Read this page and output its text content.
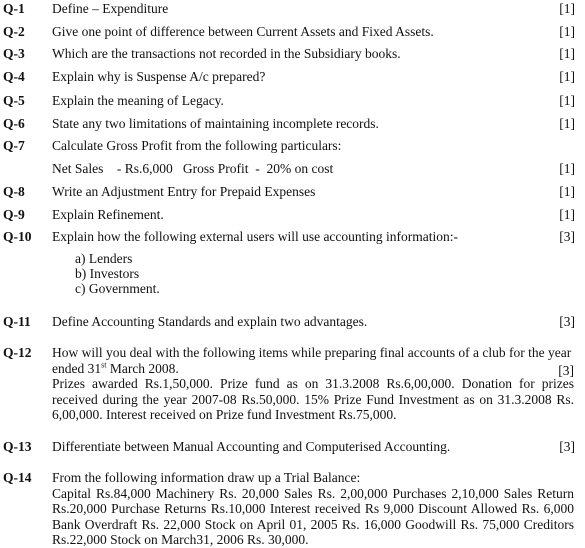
Q-1 Define – Expenditure	[1]
Q-2 Give one point of difference between Current Assets and Fixed Assets.	[1]
Q-3 Which are the transactions not recorded in the Subsidiary books.	[1]
Q-4 Explain why is Suspense A/c prepared?	[1]
Q-5 Explain the meaning of Legacy.	[1]
Q-6 State any two limitations of maintaining incomplete records.	[1]
Q-7 Calculate Gross Profit from the following particulars:
Net Sales    - Rs.6,000   Gross Profit  -  20% on cost	[1]
Q-8 Write an Adjustment Entry for Prepaid Expenses	[1]
Q-9 Explain Refinement.	[1]
Q-10 Explain how the following external users will use accounting information:-	[3]
a) Lenders
b) Investors
c) Government.
Q-11 Define Accounting Standards and explain two advantages.	[3]
Q-12 How will you deal with the following items while preparing final accounts of a club for the year
ended 31st March 2008.	[3]
Prizes awarded Rs.1,50,000. Prize fund as on 31.3.2008 Rs.6,00,000. Donation for prizes received during the year 2007-08 Rs.50,000. 15% Prize Fund Investment as on 31.3.2008 Rs. 6,00,000. Interest received on Prize fund Investment Rs.75,000.
Q-13 Differentiate between Manual Accounting and Computerised Accounting.	[3]
Q-14 From the following information draw up a Trial Balance:
Capital Rs.84,000 Machinery Rs. 20,000 Sales Rs. 2,00,000 Purchases 2,10,000 Sales Return Rs.20,000 Purchase Returns Rs.10,000 Interest received Rs 9,000 Discount Allowed Rs. 6,000 Bank Overdraft Rs. 22,000 Stock on April 01, 2005 Rs. 16,000 Goodwill Rs. 75,000 Creditors Rs.22,000 Stock on March31, 2006 Rs. 30,000.
